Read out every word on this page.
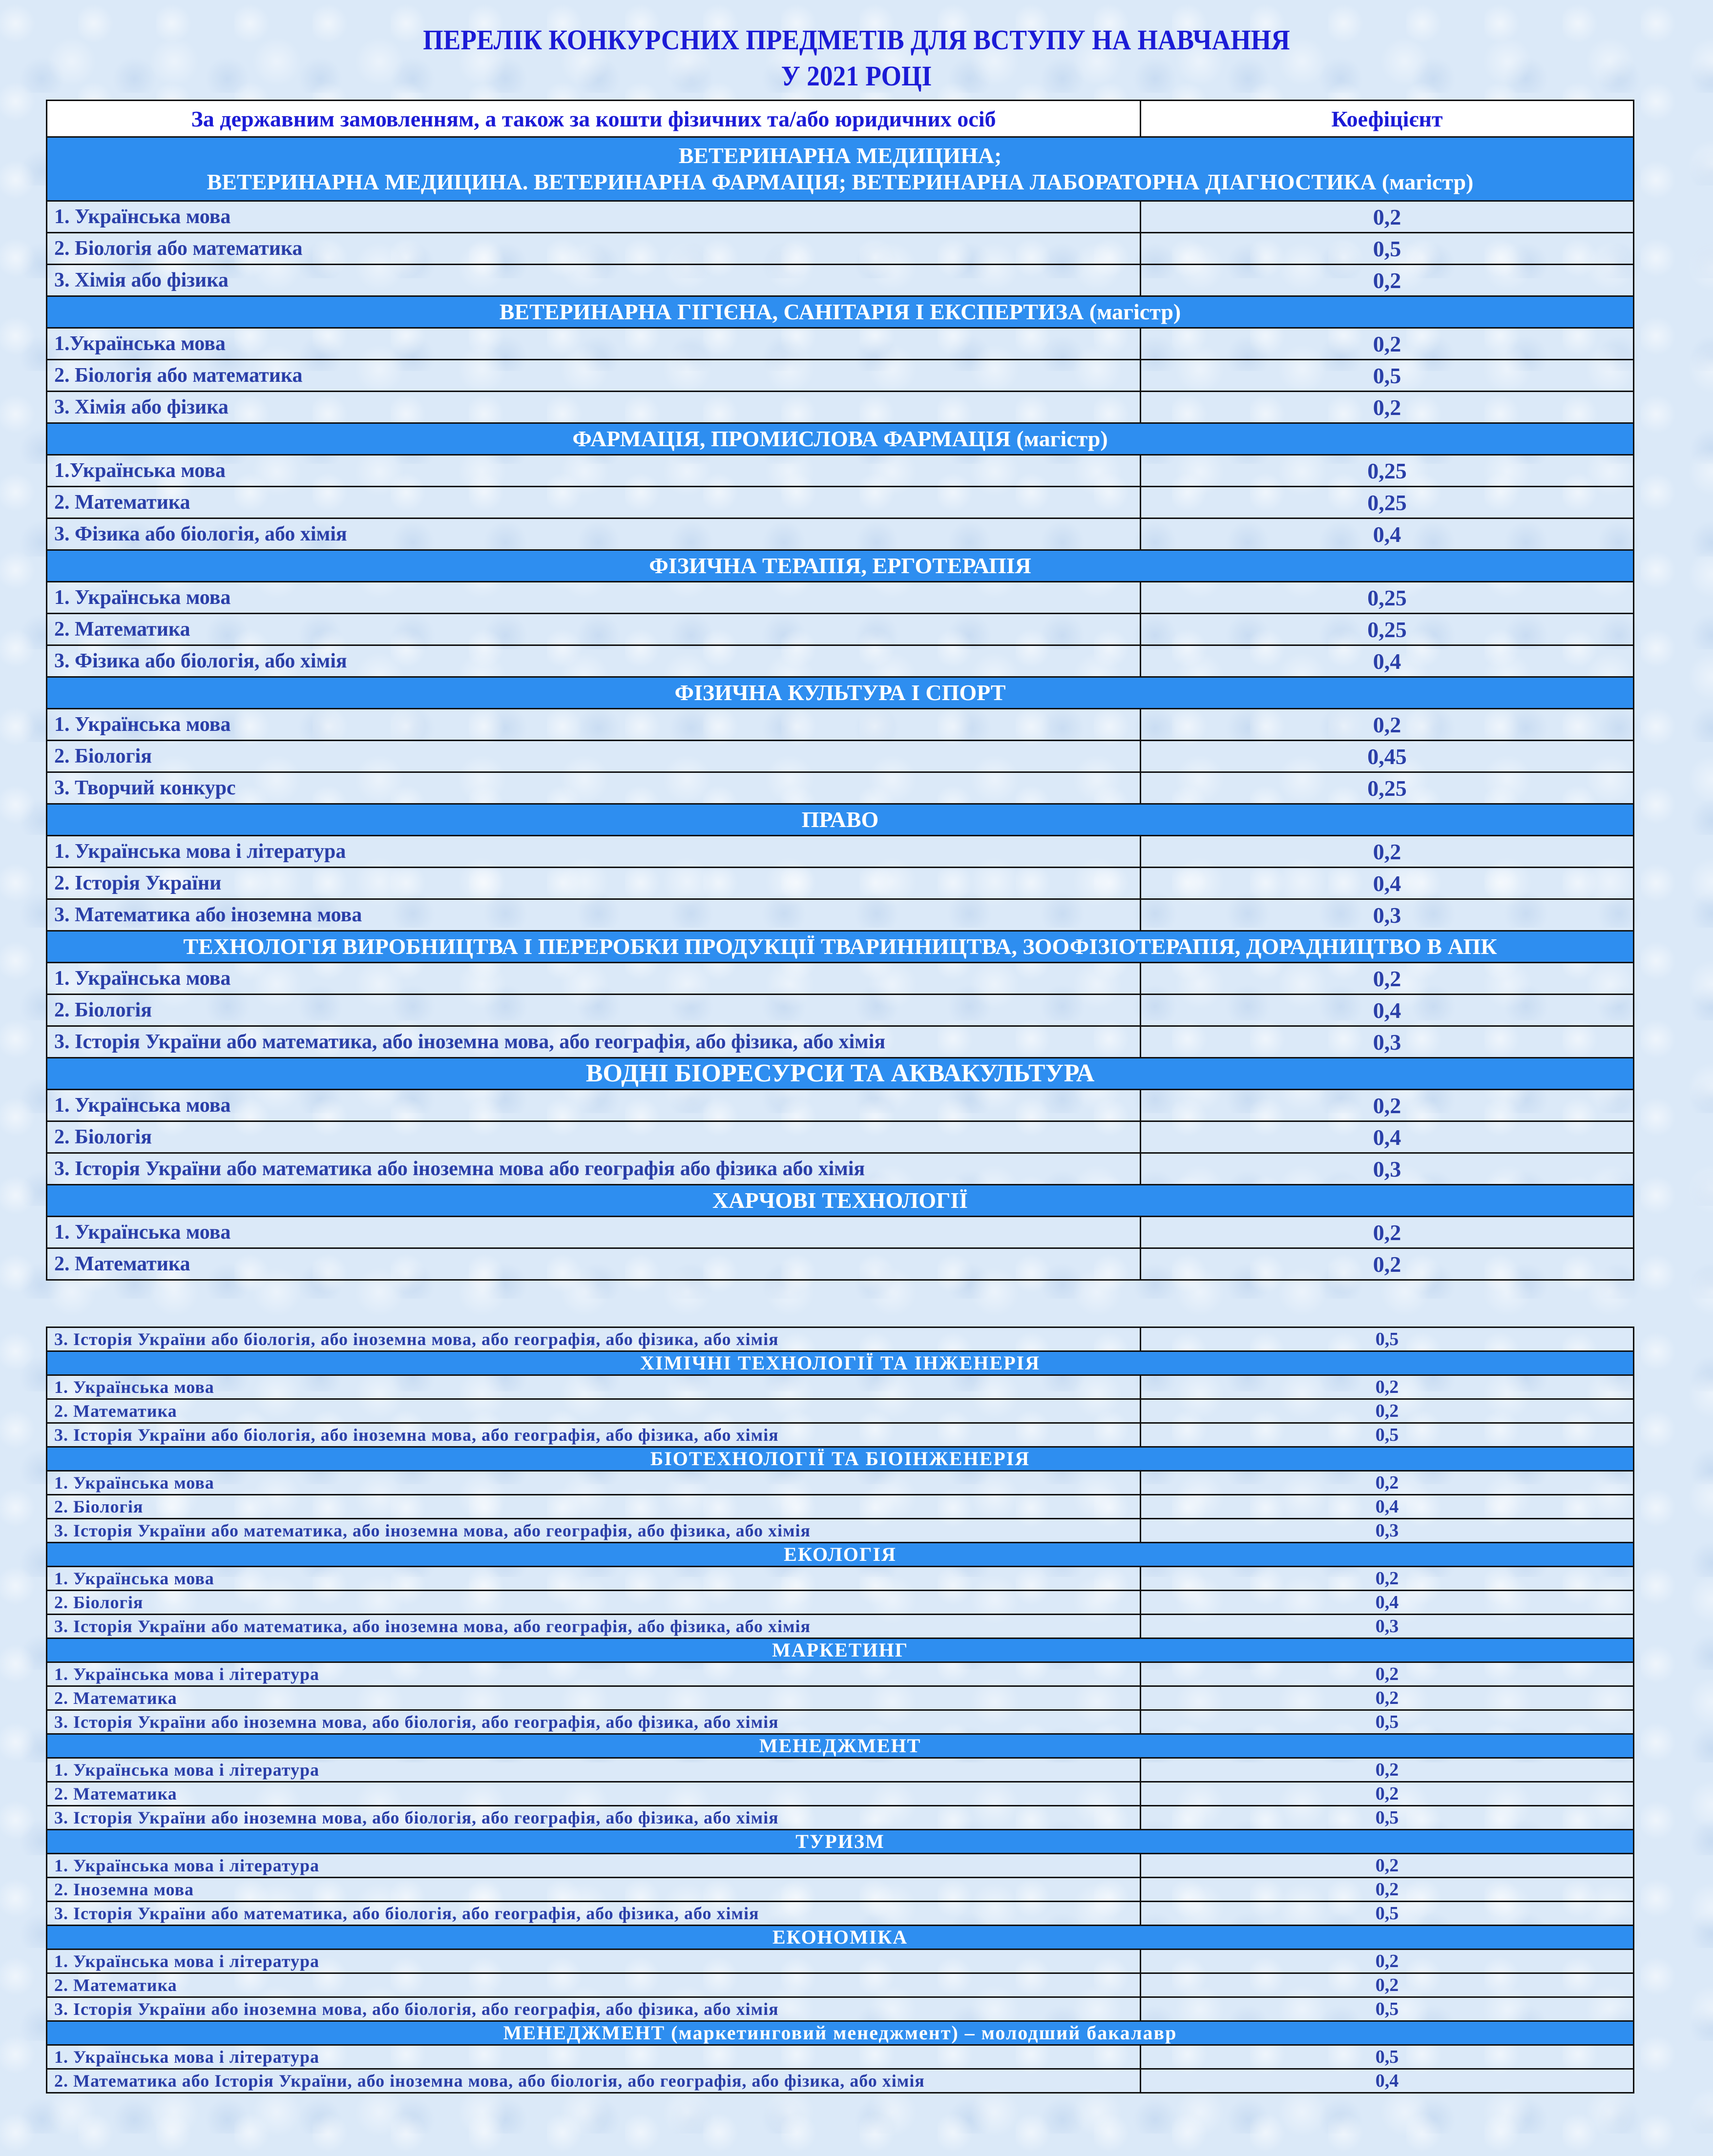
ПЕРЕЛІК КОНКУРСНИХ ПРЕДМЕТІВ ДЛЯ ВСТУПУ НА НАВЧАННЯ
У 2021 РОЦІ
За державним замовленням, а також за кошти фізичних та/або юридичних осіб	Коефіцієнт

ВЕТЕРИНАРНА МЕДИЦИНА;
ВЕТЕРИНАРНА МЕДИЦИНА. ВЕТЕРИНАРНА ФАРМАЦІЯ; ВЕТЕРИНАРНА ЛАБОРАТОРНА ДІАГНОСТИКА (магістр)	

1. Українська мова	0,2
2. Біологія або математика	0,5
3. Хімія або фізика	0,2

ВЕТЕРИНАРНА ГІГІЄНА, САНІТАРІЯ І ЕКСПЕРТИЗА (магістр)	

1.Українська мова	0,2
2. Біологія або математика	0,5
3. Хімія або фізика	0,2

ФАРМАЦІЯ, ПРОМИСЛОВА ФАРМАЦІЯ (магістр)	

1.Українська мова	0,25
2. Математика	0,25
3. Фізика або біологія, або хімія	0,4

ФІЗИЧНА ТЕРАПІЯ, ЕРГОТЕРАПІЯ	

1. Українська мова	0,25
2. Математика	0,25
3. Фізика або біологія, або хімія	0,4

ФІЗИЧНА КУЛЬТУРА І СПОРТ	

1. Українська мова	0,2
2. Біологія	0,45
3. Творчий конкурс	0,25

ПРАВО	

1. Українська мова і література	0,2
2. Історія України	0,4
3. Математика або іноземна мова	0,3

ТЕХНОЛОГІЯ ВИРОБНИЦТВА І ПЕРЕРОБКИ ПРОДУКЦІЇ ТВАРИННИЦТВА, ЗООФІЗІОТЕРАПІЯ, ДОРАДНИЦТВО В АПК	

1. Українська мова	0,2
2. Біологія	0,4
3. Історія України або математика, або іноземна мова, або географія, або фізика, або хімія	0,3

ВОДНІ БІОРЕСУРСИ ТА АКВАКУЛЬТУРА	

1. Українська мова	0,2
2. Біологія	0,4
3. Історія України або математика або іноземна мова або географія або фізика або хімія	0,3

ХАРЧОВІ ТЕХНОЛОГІЇ	

1. Українська мова	0,2
2. Математика	0,2
3. Історія України або біологія, або іноземна мова, або географія, або фізика, або хімія	0,5

ХІМІЧНІ ТЕХНОЛОГІЇ ТА ІНЖЕНЕРІЯ	

1. Українська мова	0,2
2. Математика	0,2
3. Історія України або біологія, або іноземна мова, або географія, або фізика, або хімія	0,5

БІОТЕХНОЛОГІЇ ТА БІОІНЖЕНЕРІЯ	

1. Українська мова	0,2
2. Біологія	0,4
3. Історія України або математика, або іноземна мова, або географія, або фізика, або хімія	0,3

ЕКОЛОГІЯ	

1. Українська мова	0,2
2. Біологія	0,4
3. Історія України або математика, або іноземна мова, або географія, або фізика, або хімія	0,3

МАРКЕТИНГ	

1. Українська мова і література	0,2
2. Математика	0,2
3. Історія України або іноземна мова, або біологія, або географія, або фізика, або хімія	0,5

МЕНЕДЖМЕНТ	

1. Українська мова і література	0,2
2. Математика	0,2
3. Історія України або іноземна мова, або біологія, або географія, або фізика, або хімія	0,5

ТУРИЗМ	

1. Українська мова і література	0,2
2. Іноземна мова	0,2
3. Історія України або математика, або біологія, або географія, або фізика, або хімія	0,5

ЕКОНОМІКА	

1. Українська мова і література	0,2
2. Математика	0,2
3. Історія України або іноземна мова, або біологія, або географія, або фізика, або хімія	0,5

МЕНЕДЖМЕНТ (маркетинговий менеджмент) – молодший бакалавр	

1. Українська мова і література	0,5
2. Математика або Історія України, або іноземна мова, або біологія, або географія, або фізика, або хімія	0,4
